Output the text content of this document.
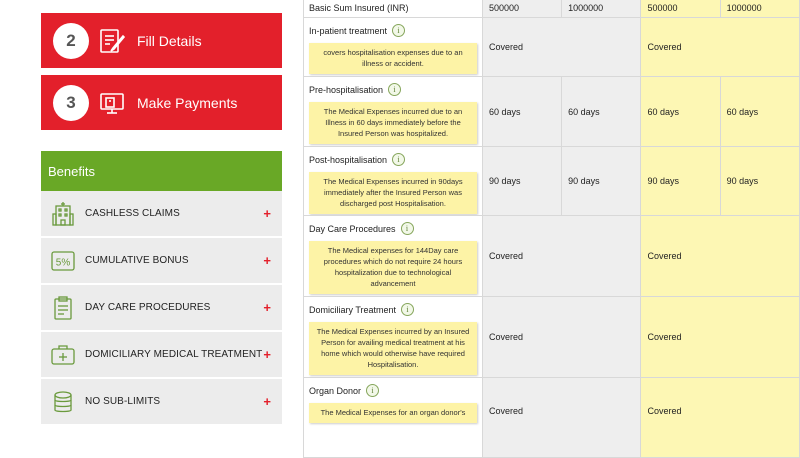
2	Fill Details
3	Make Payments
Benefits
CASHLESS CLAIMS	+
5% CUMULATIVE BONUS	+
DAY CARE PROCEDURES	+
DOMICILIARY MEDICAL TREATMENT +
NO SUB-LIMITS	+
Basic Sum Insured (INR)	500000	1000000	500000	1000000

In-patient treatment i
covers hospitalisation expenses due to an illness or accident.	Covered		Covered	

Pre-hospitalisation i
The Medical Expenses incurred due to an Illness in 60 days immediately before the Insured Person was hospitalized.	60 days	60 days	60 days	60 days

Post-hospitalisation i
The Medical Expenses incurred in 90days immediately after the Insured Person was discharged post Hospitalisation.	90 days	90 days	90 days	90 days

Day Care Procedures i
The Medical expenses for 144Day care procedures which do not require 24 hours hospitalization due to technological advancement	Covered		Covered	

Domiciliary Treatment i
The Medical Expenses incurred by an Insured Person for availing medical treatment at his home which would otherwise have required Hospitalisation.	Covered		Covered	

Organ Donor i
The Medical Expenses for an organ donor's	Covered		Covered	
